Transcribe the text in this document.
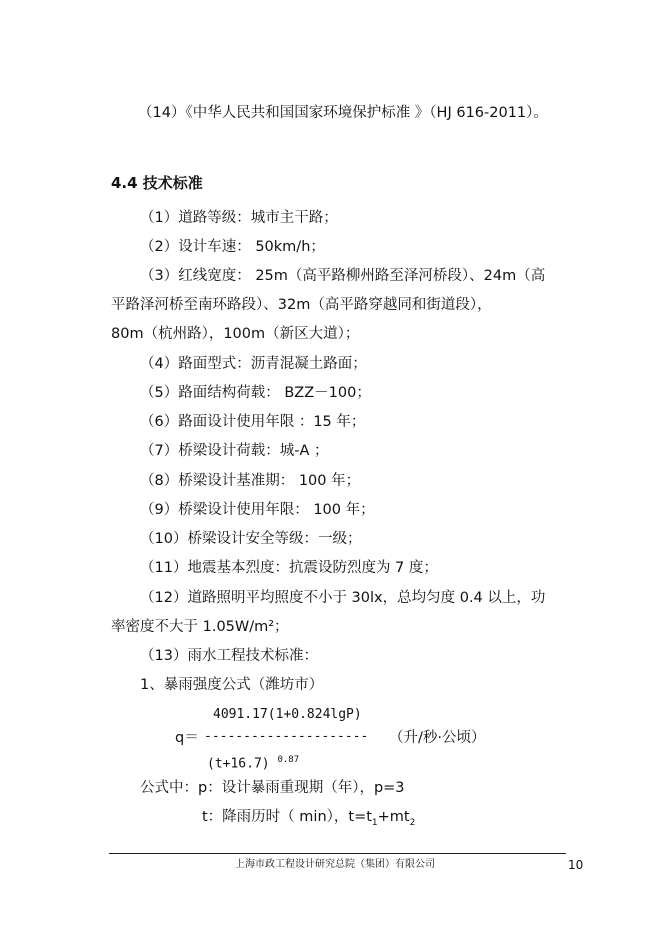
（14）《中华人民共和国国家环境保护标准 》（HJ 616-2011）。
4.4 技术标准
（1）道路等级：城市主干路；
（2）设计车速： 50km/h；
（3）红线宽度： 25m（高平路柳州路至泽河桥段）、24m（高
平路泽河桥至南环路段）、32m（高平路穿越同和街道段），
80m（杭州路），100m（新区大道）；
（4）路面型式：沥青混凝土路面；
（5）路面结构荷载： BZZ－100；
（6）路面设计使用年限 ：15 年；
（7）桥梁设计荷载：城-A ；
（8）桥梁设计基准期： 100 年；
（9）桥梁设计使用年限： 100 年；
（10）桥梁设计安全等级：一级；
（11）地震基本烈度：抗震设防烈度为 7 度；
（12）道路照明平均照度不小于 30lx，总均匀度 0.4 以上，功
率密度不大于 1.05W/m²；
（13）雨水工程技术标准：
1、暴雨强度公式（潍坊市）
4091.17(1+0.824lgP)
q＝ --------------------- （升/秒·公顷）
(t+16.7) $^{0.87}$
公式中：p：设计暴雨重现期（年），p=3
t：降雨历时（ min），$t=t_1+mt_2$
上海市政工程设计研究总院（集团）有限公司	10
